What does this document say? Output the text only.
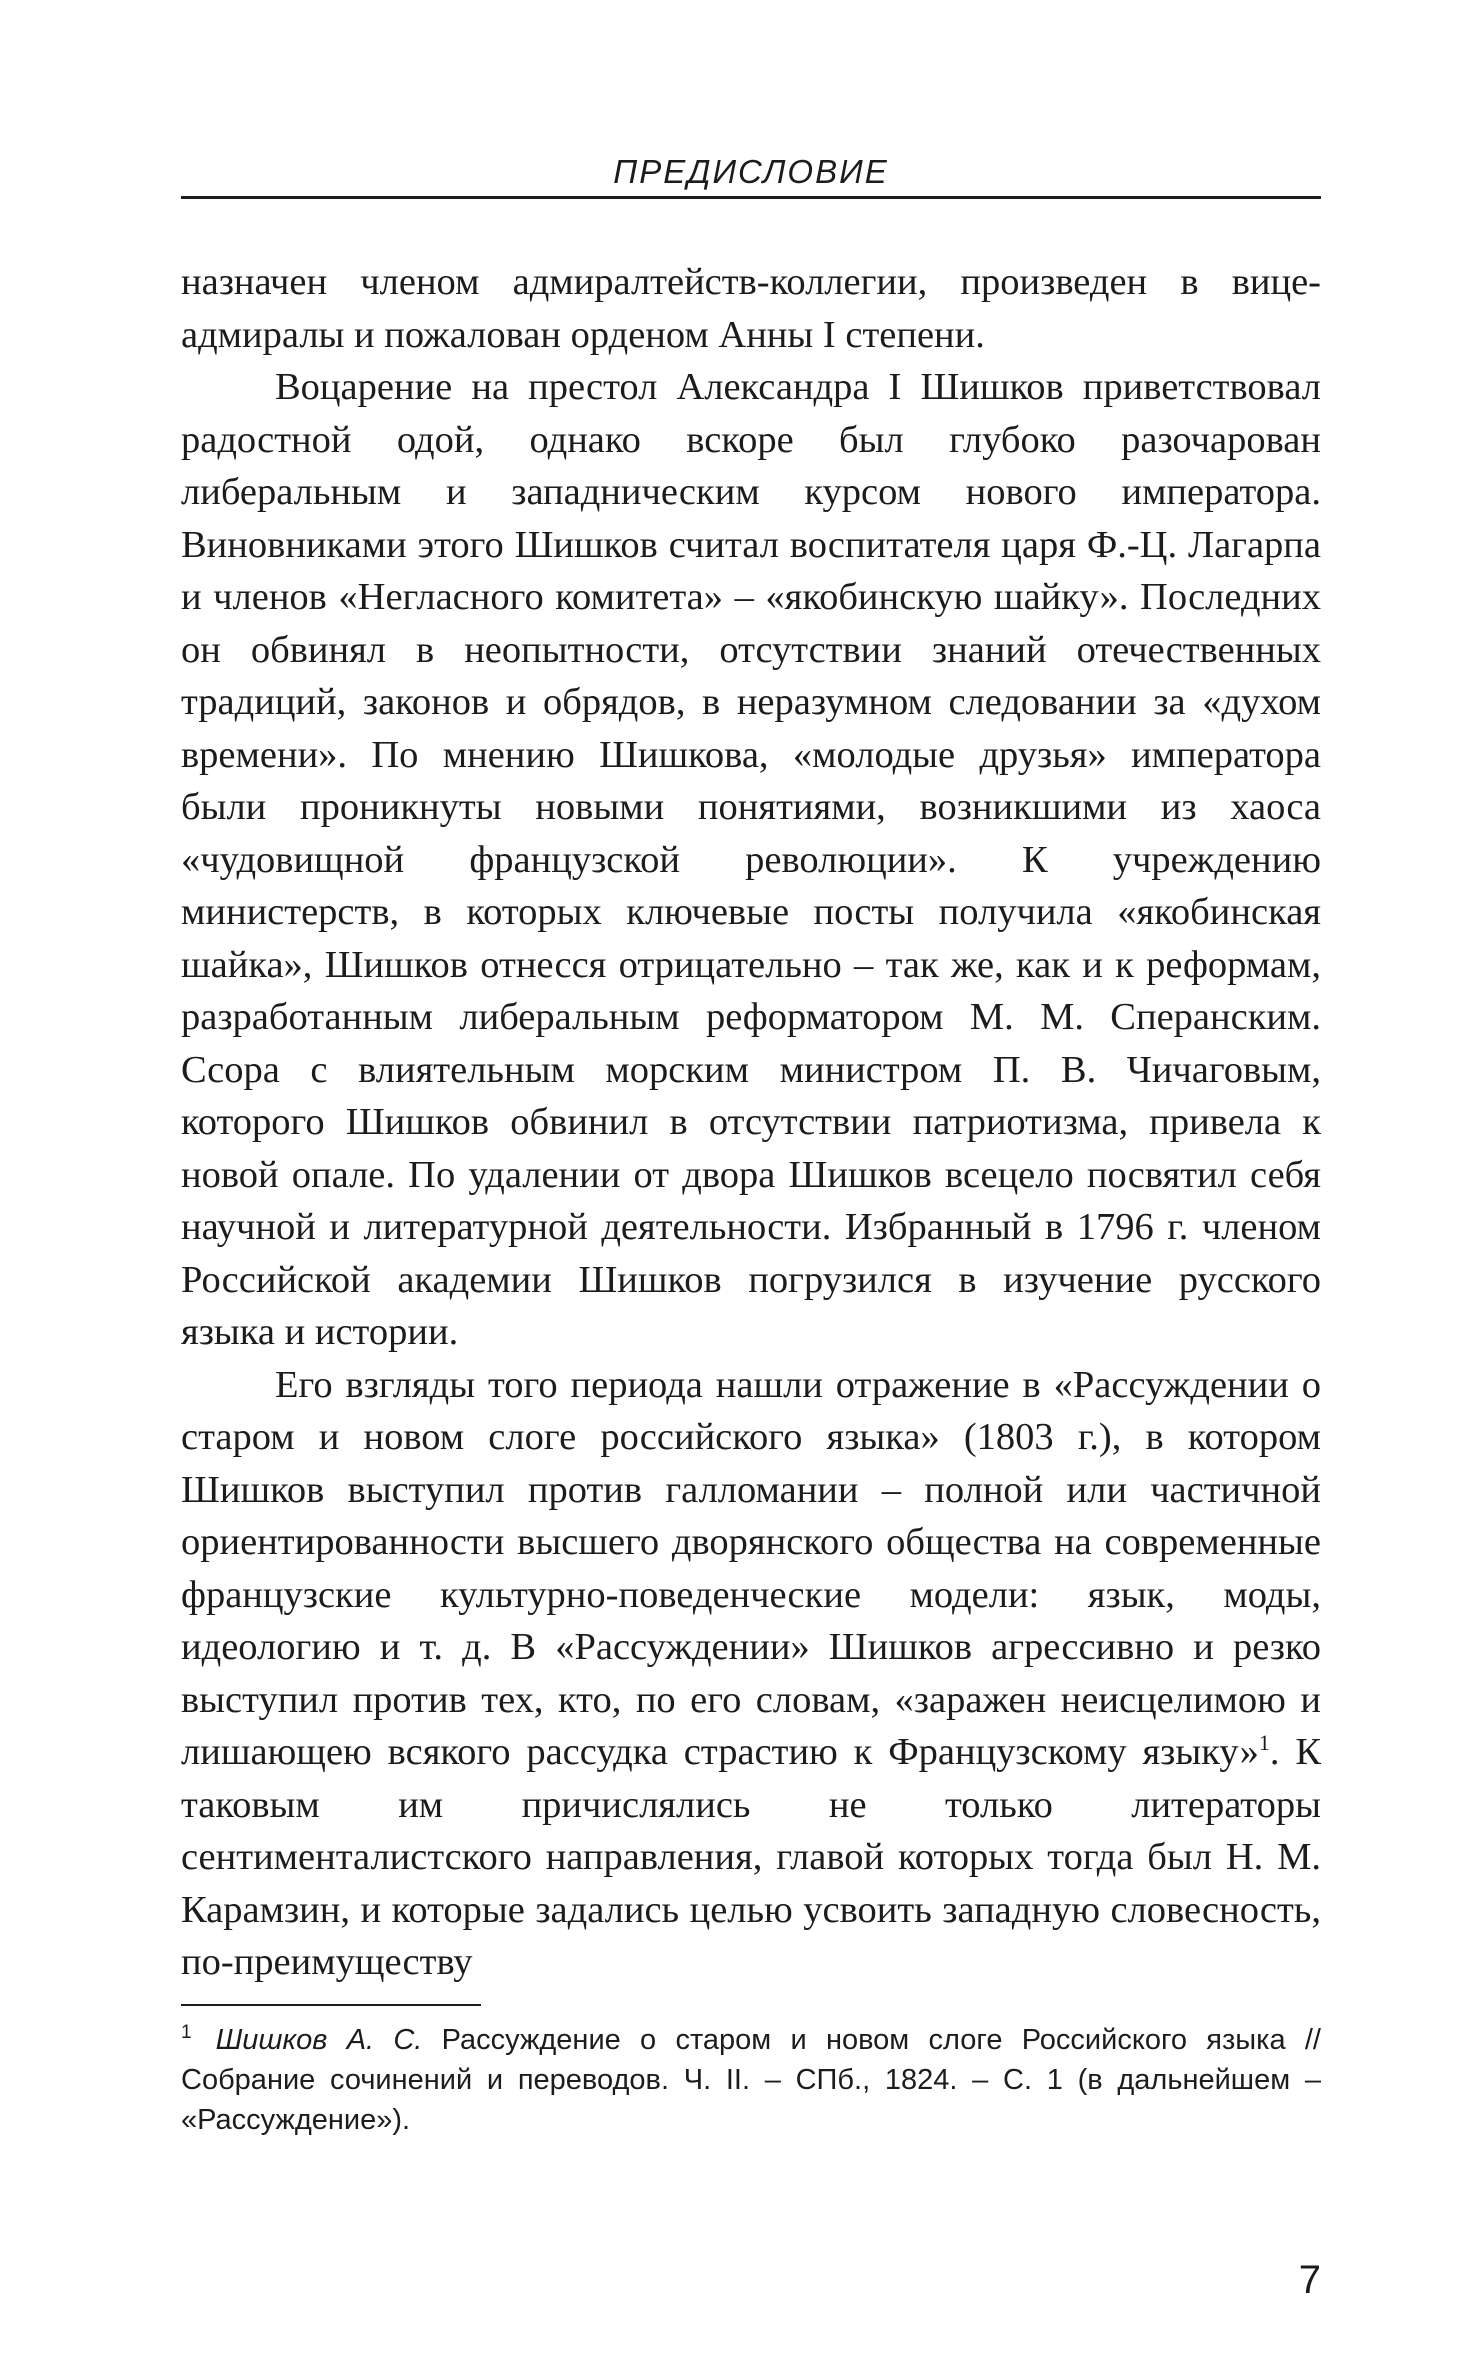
ПРЕДИСЛОВИЕ

назначен членом адмиралтейств-коллегии, произведен в вице-адмиралы и пожалован орденом Анны I степени.

Воцарение на престол Александра I Шишков приветствовал радостной одой, однако вскоре был глубоко разочарован либеральным и западническим курсом нового императора. Виновниками этого Шишков считал воспитателя царя Ф.-Ц. Лагарпа и членов «Негласного комитета» – «якобинскую шайку». Последних он обвинял в неопытности, отсутствии знаний отечественных традиций, законов и обрядов, в неразумном следовании за «духом времени». По мнению Шишкова, «молодые друзья» императора были проникнуты новыми понятиями, возникшими из хаоса «чудовищной французской революции». К учреждению министерств, в которых ключевые посты получила «якобинская шайка», Шишков отнесся отрицательно – так же, как и к реформам, разработанным либеральным реформатором М. М. Сперанским. Ссора с влиятельным морским министром П. В. Чичаговым, которого Шишков обвинил в отсутствии патриотизма, привела к новой опале. По удалении от двора Шишков всецело посвятил себя научной и литературной деятельности. Избранный в 1796 г. членом Российской академии Шишков погрузился в изучение русского языка и истории.

Его взгляды того периода нашли отражение в «Рассуждении о старом и новом слоге российского языка» (1803 г.), в котором Шишков выступил против галломании – полной или частичной ориентированности высшего дворянского общества на современные французские культурно-поведенческие модели: язык, моды, идеологию и т. д. В «Рассуждении» Шишков агрессивно и резко выступил против тех, кто, по его словам, «заражен неисцелимою и лишающею всякого рассудка страстию к Французскому языку»$^1$. К таковым им причислялись не только литераторы сентименталистского направления, главой которых тогда был Н. М. Карамзин, и которые задались целью усвоить западную словесность, по-преимуществу

$^1$ Шишков А. С. Рассуждение о старом и новом слоге Российского языка // Собрание сочинений и переводов. Ч. II. – СПб., 1824. – С. 1 (в дальнейшем – «Рассуждение»).
7
